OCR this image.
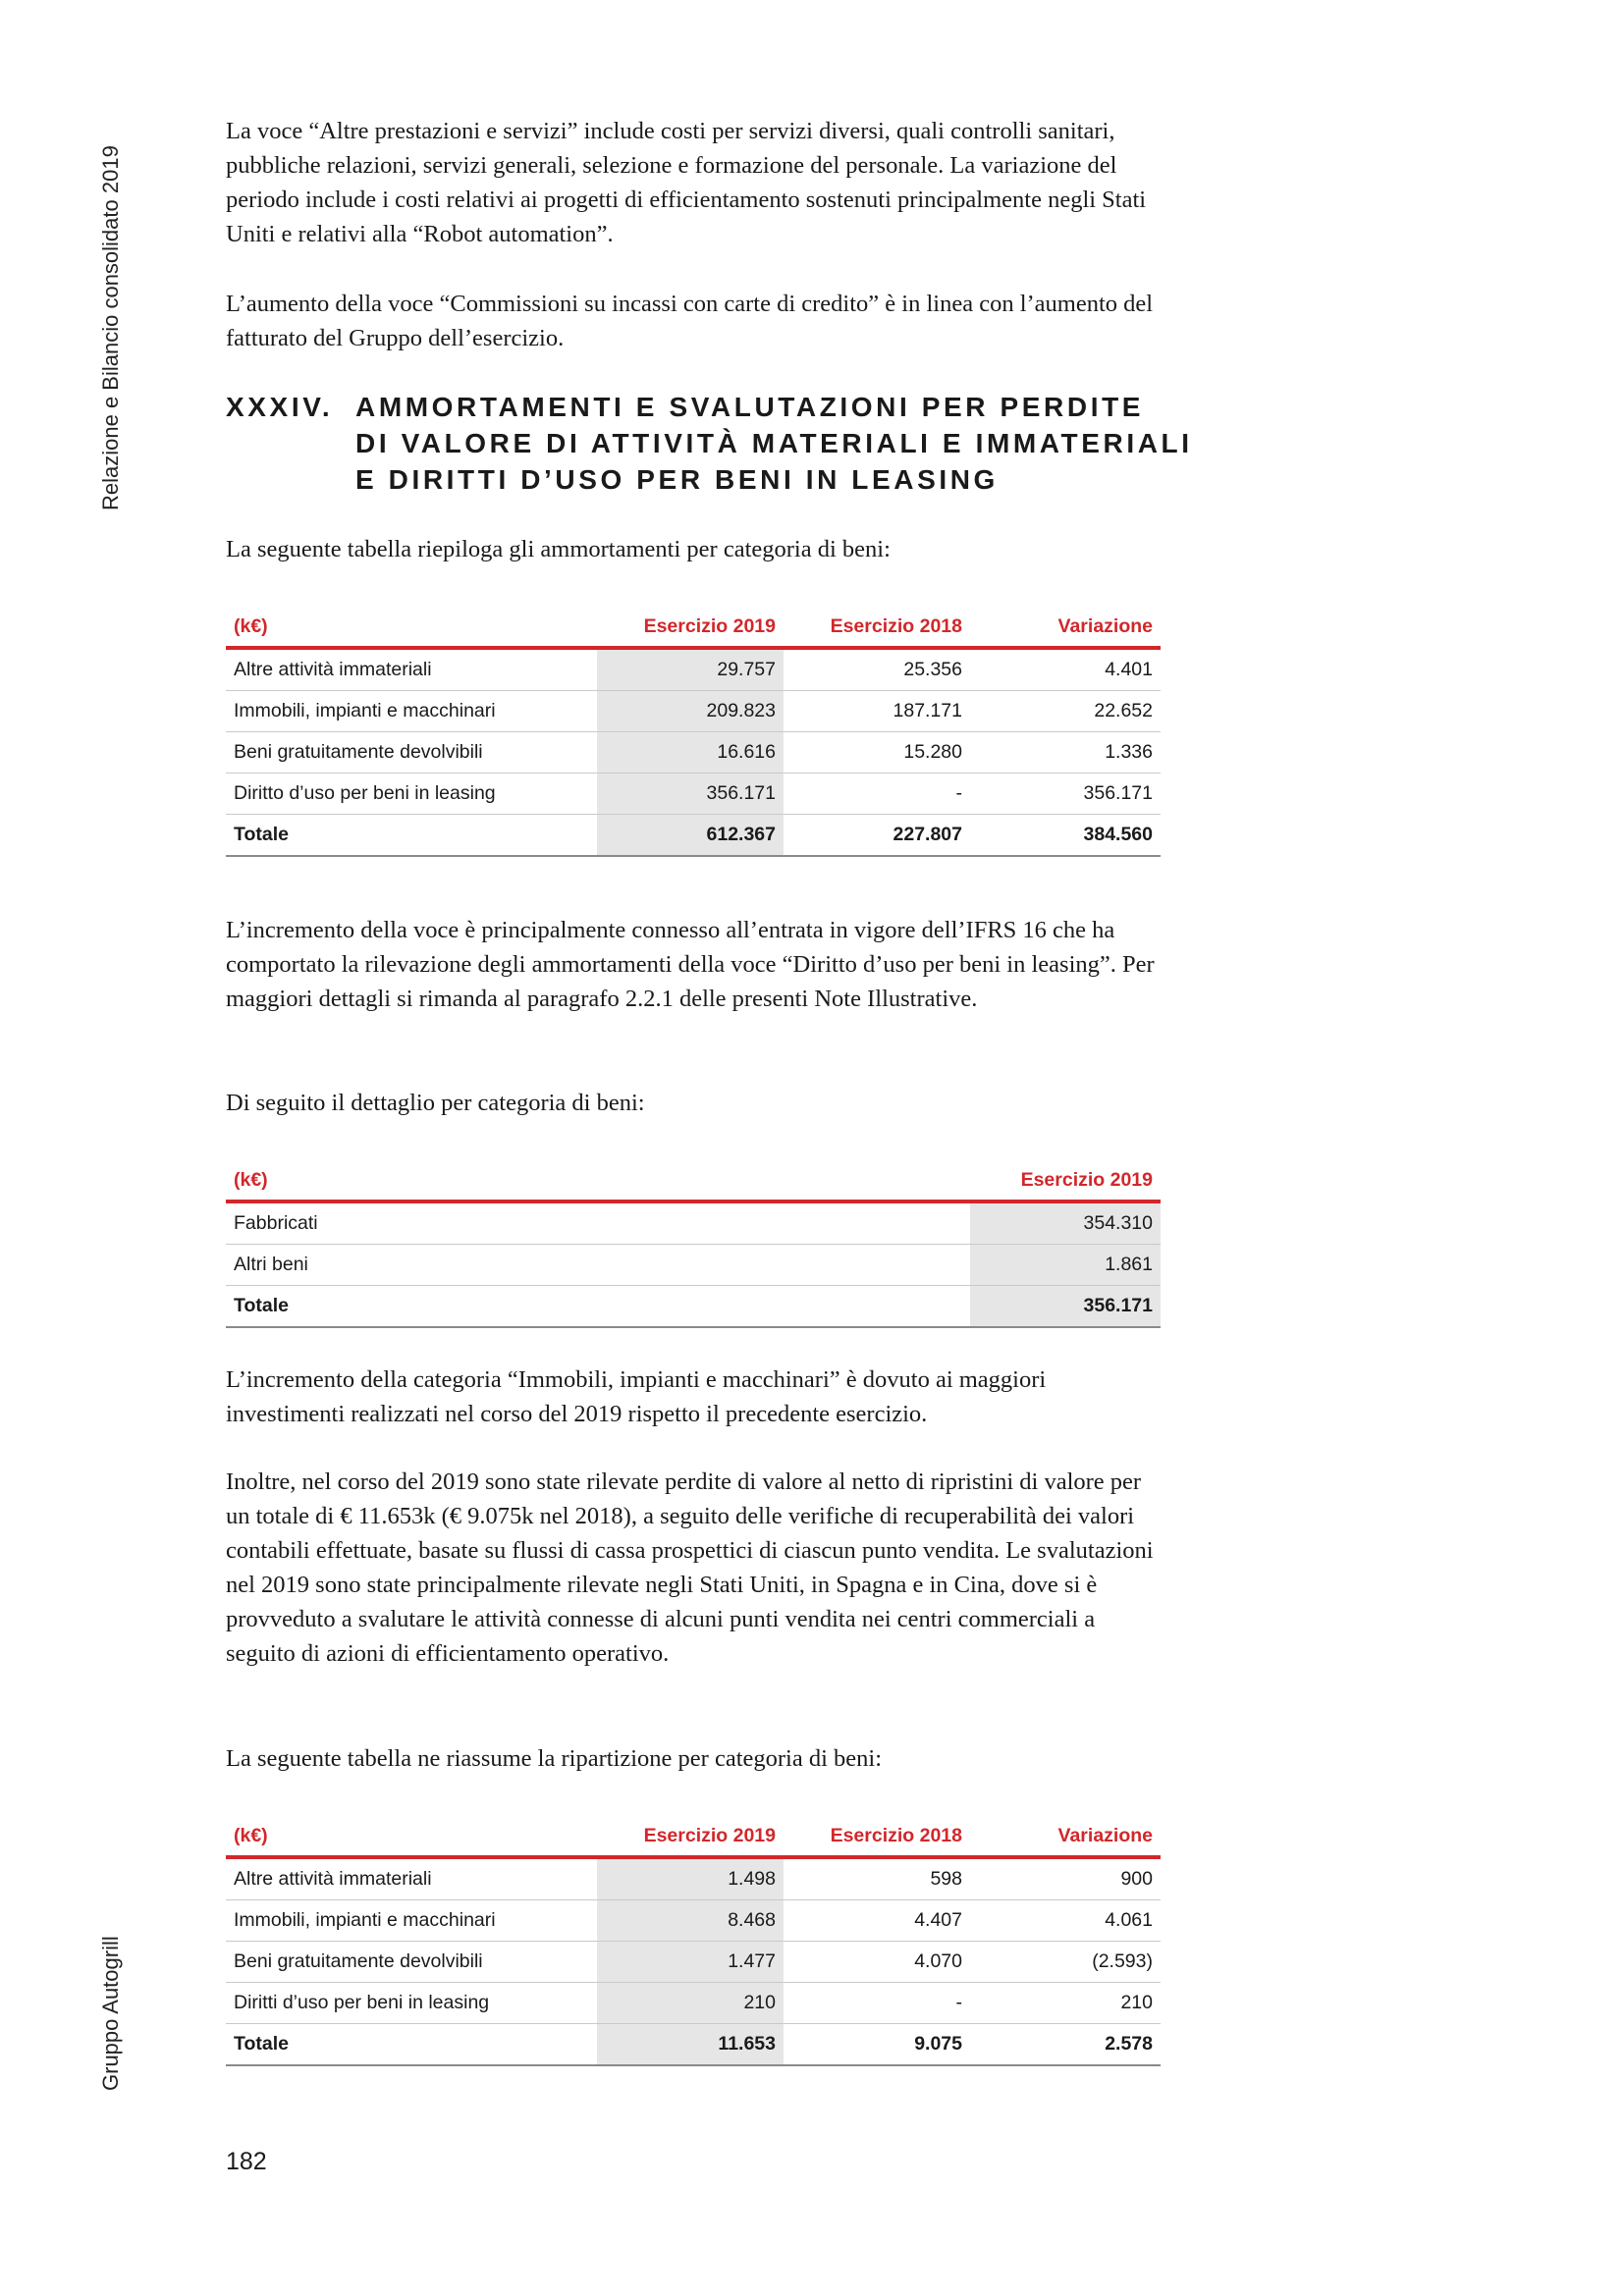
Relazione e Bilancio consolidato 2019
Gruppo Autogrill

La voce “Altre prestazioni e servizi” include costi per servizi diversi, quali controlli sanitari, pubbliche relazioni, servizi generali, selezione e formazione del personale. La variazione del periodo include i costi relativi ai progetti di efficientamento sostenuti principalmente negli Stati Uniti e relativi alla “Robot automation”.

L’aumento della voce “Commissioni su incassi con carte di credito” è in linea con l’aumento del fatturato del Gruppo dell’esercizio.

XXXIV. AMMORTAMENTI E SVALUTAZIONI PER PERDITE
DI VALORE DI ATTIVITÀ MATERIALI E IMMATERIALI
E DIRITTI D’USO PER BENI IN LEASING

La seguente tabella riepiloga gli ammortamenti per categoria di beni:

(k€)	Esercizio 2019	Esercizio 2018	Variazione
Altre attività immateriali	29.757	25.356	4.401
Immobili, impianti e macchinari	209.823	187.171	22.652
Beni gratuitamente devolvibili	16.616	15.280	1.336
Diritto d’uso per beni in leasing	356.171	-	356.171
Totale	612.367	227.807	384.560

L’incremento della voce è principalmente connesso all’entrata in vigore dell’IFRS 16 che ha comportato la rilevazione degli ammortamenti della voce “Diritto d’uso per beni in leasing”. Per maggiori dettagli si rimanda al paragrafo 2.2.1 delle presenti Note Illustrative.

Di seguito il dettaglio per categoria di beni:

(k€)	Esercizio 2019
Fabbricati	354.310
Altri beni	1.861
Totale	356.171

L’incremento della categoria “Immobili, impianti e macchinari” è dovuto ai maggiori investimenti realizzati nel corso del 2019 rispetto il precedente esercizio.

Inoltre, nel corso del 2019 sono state rilevate perdite di valore al netto di ripristini di valore per un totale di € 11.653k (€ 9.075k nel 2018), a seguito delle verifiche di recuperabilità dei valori contabili effettuate, basate su flussi di cassa prospettici di ciascun punto vendita. Le svalutazioni nel 2019 sono state principalmente rilevate negli Stati Uniti, in Spagna e in Cina, dove si è provveduto a svalutare le attività connesse di alcuni punti vendita nei centri commerciali a seguito di azioni di efficientamento operativo.

La seguente tabella ne riassume la ripartizione per categoria di beni:

(k€)	Esercizio 2019	Esercizio 2018	Variazione
Altre attività immateriali	1.498	598	900
Immobili, impianti e macchinari	8.468	4.407	4.061
Beni gratuitamente devolvibili	1.477	4.070	(2.593)
Diritti d’uso per beni in leasing	210	-	210
Totale	11.653	9.075	2.578
182
